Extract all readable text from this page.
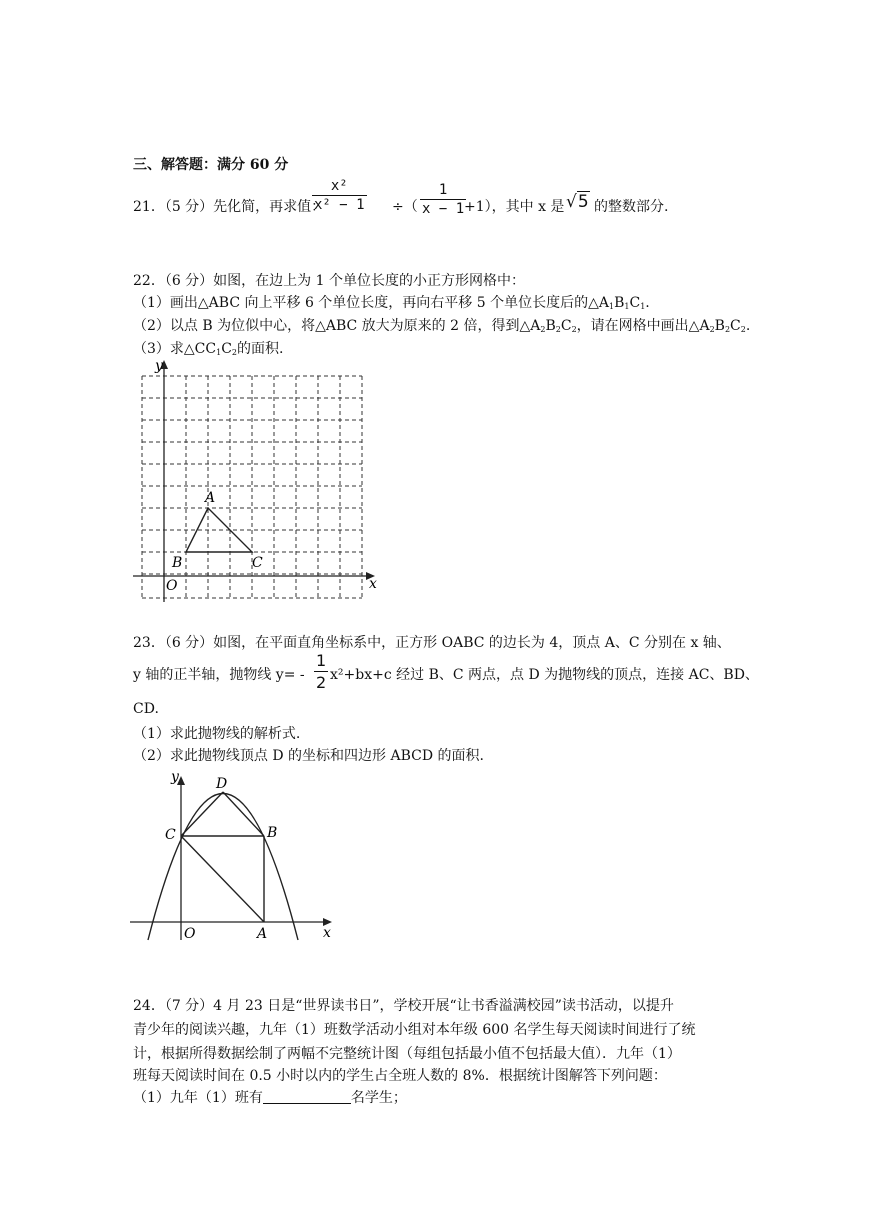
三、解答题：满分 60 分
21．（5 分）先化简，再求值：
x²
x² − 1 ÷（
1
x − 1 +1），其中 x 是 √5 的整数部分.
22．（6 分）如图，在边上为 1 个单位长度的小正方形网格中：
（1）画出△ABC 向上平移 6 个单位长度，再向右平移 5 个单位长度后的$\triangle A_1B_1C_1$.
（2）以点 B 为位似中心，将△ABC 放大为原来的 2 倍，得到$\triangle A_2B_2C_2$，请在网格中画出$\triangle A_2B_2C_2$.
（3）求$\triangle CC_1C_2$的面积.
y
x
O
A
B	C
23．（6 分）如图，在平面直角坐标系中，正方形 OABC 的边长为 4，顶点 A、C 分别在 x 轴、
y 轴的正半轴，抛物线 y= -
1
2 x²+bx+c 经过 B、C 两点，点 D 为抛物线的顶点，连接 AC、BD、
CD.
（1）求此抛物线的解析式.
（2）求此抛物线顶点 D 的坐标和四边形 ABCD 的面积.
y
x
O	A
B
C
D
24．（7 分）4 月 23 日是“世界读书日”，学校开展“让书香溢满校园”读书活动，以提升
青少年的阅读兴趣，九年（1）班数学活动小组对本年级 600 名学生每天阅读时间进行了统
计，根据所得数据绘制了两幅不完整统计图（每组包括最小值不包括最大值）．九年（1）
班每天阅读时间在 0.5 小时以内的学生占全班人数的 8%．根据统计图解答下列问题：
（1）九年（1）班有	名学生；
